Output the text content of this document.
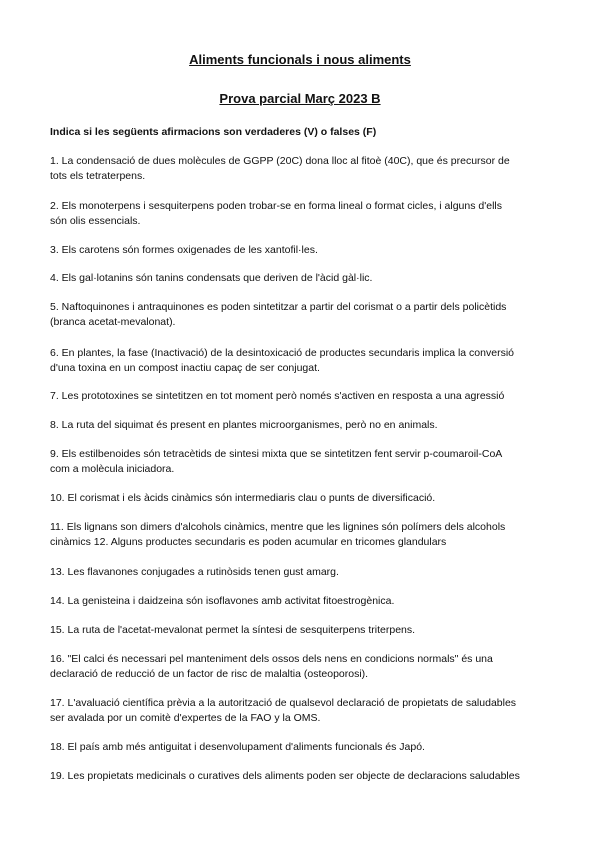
Aliments funcionals i nous aliments
Prova parcial Març 2023 B
Indica si les següents afirmacions son verdaderes (V) o falses (F)
1. La condensació de dues molècules de GGPP (20C) dona lloc al fitoè (40C), que és precursor de
tots els tetraterpens.
2. Els monoterpens i sesquiterpens poden trobar-se en forma lineal o format cicles, i alguns d'ells
són olis essencials.
3. Els carotens són formes oxigenades de les xantofil·les.
4. Els gal·lotanins són tanins condensats que deriven de l'àcid gàl·lic.
5. Naftoquinones i antraquinones es poden sintetitzar a partir del corismat o a partir dels policètids
(branca acetat-mevalonat).
6. En plantes, la fase (Inactivació) de la desintoxicació de productes secundaris implica la conversió
d'una toxina en un compost inactiu capaç de ser conjugat.
7. Les prototoxines se sintetitzen en tot moment però només s'activen en resposta a una agressió
8. La ruta del siquimat és present en plantes microorganismes, però no en animals.
9. Els estilbenoides són tetracètids de sintesi mixta que se sintetitzen fent servir p-coumaroil-CoA
com a molècula iniciadora.
10. El corismat i els àcids cinàmics són intermediaris clau o punts de diversificació.
11. Els lignans son dimers d'alcohols cinàmics, mentre que les lignines són polímers dels alcohols
cinàmics 12. Alguns productes secundaris es poden acumular en tricomes glandulars
13. Les flavanones conjugades a rutinòsids tenen gust amarg.
14. La genisteina i daidzeina són isoflavones amb activitat fitoestrogènica.
15. La ruta de l'acetat-mevalonat permet la síntesi de sesquiterpens triterpens.
16. "El calci és necessari pel manteniment dels ossos dels nens en condicions normals" és una
declaració de reducció de un factor de risc de malaltia (osteoporosi).
17. L'avaluació científica prèvia a la autorització de qualsevol declaració de propietats de saludables
ser avalada por un comitè d'expertes de la FAO y la OMS.
18. El país amb més antiguitat i desenvolupament d'aliments funcionals és Japó.
19. Les propietats medicinals o curatives dels aliments poden ser objecte de declaracions saludables
